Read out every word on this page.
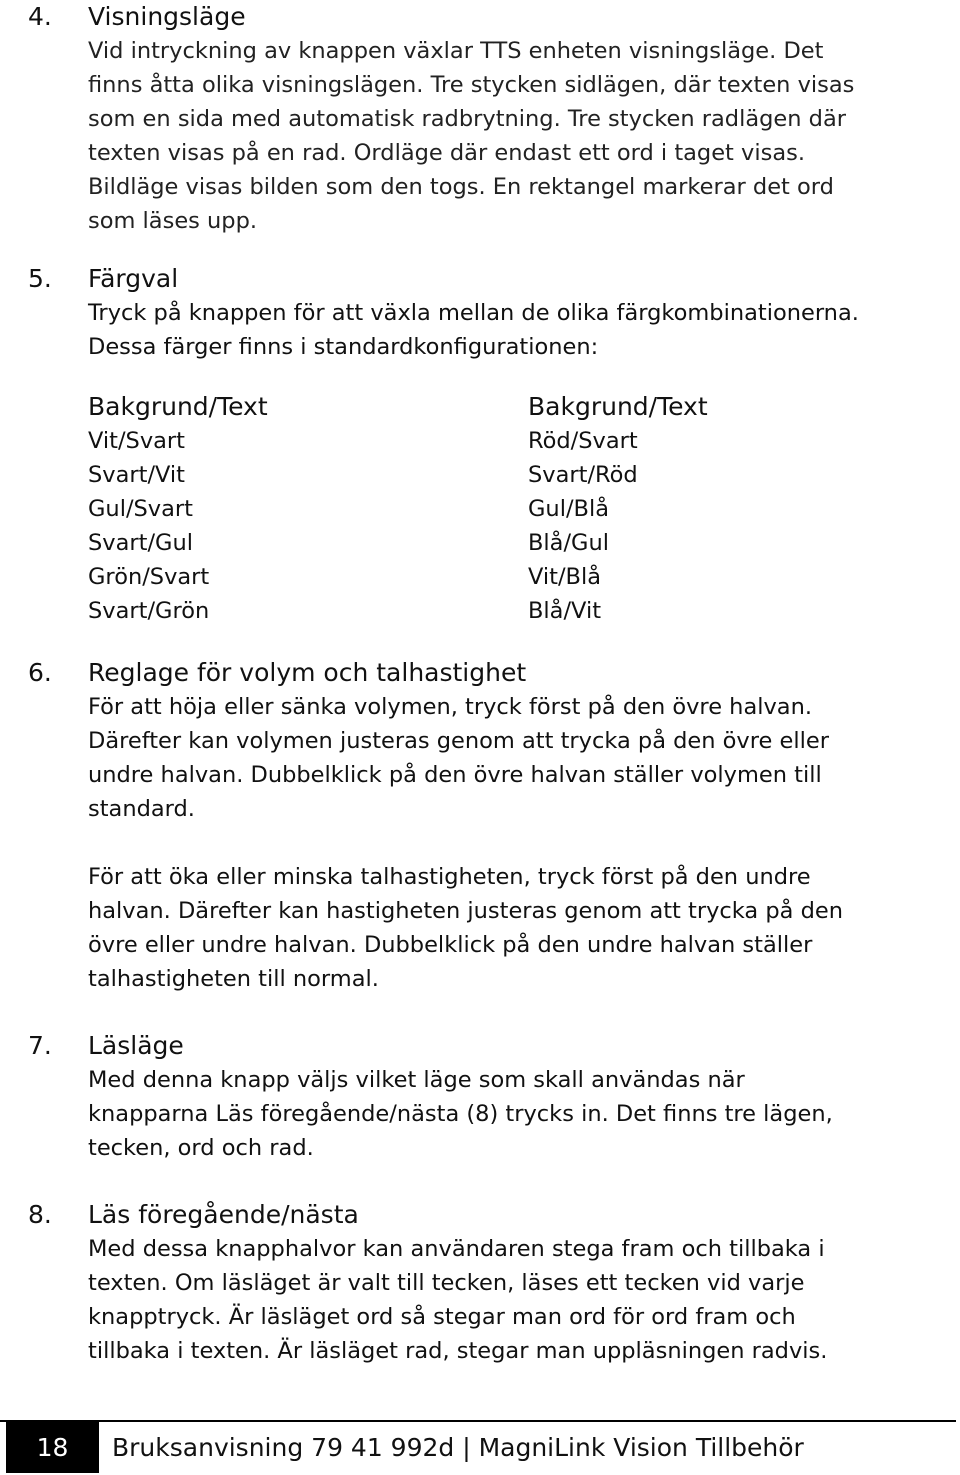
4. Visningsläge

Vid intryckning av knappen växlar TTS enheten visningsläge. Det

finns åtta olika visningslägen. Tre stycken sidlägen, där texten visas

som en sida med automatisk radbrytning. Tre stycken radlägen där

texten visas på en rad. Ordläge där endast ett ord i taget visas.

Bildläge visas bilden som den togs. En rektangel markerar det ord

som läses upp.

5. Färgval

Tryck på knappen för att växla mellan de olika färgkombinationerna.

Dessa färger finns i standardkonfigurationen:

Bakgrund/Text

Vit/Svart

Svart/Vit

Gul/Svart

Svart/Gul

Grön/Svart

Svart/Grön

Bakgrund/Text

Röd/Svart

Svart/Röd

Gul/Blå

Blå/Gul

Vit/Blå

Blå/Vit

6. Reglage för volym och talhastighet

För att höja eller sänka volymen, tryck först på den övre halvan.

Därefter kan volymen justeras genom att trycka på den övre eller

undre halvan. Dubbelklick på den övre halvan ställer volymen till

standard.

För att öka eller minska talhastigheten, tryck först på den undre

halvan. Därefter kan hastigheten justeras genom att trycka på den

övre eller undre halvan. Dubbelklick på den undre halvan ställer

talhastigheten till normal.

7. Läsläge

Med denna knapp väljs vilket läge som skall användas när

knapparna Läs föregående/nästa (8) trycks in. Det finns tre lägen,

tecken, ord och rad.

8. Läs föregående/nästa

Med dessa knapphalvor kan användaren stega fram och tillbaka i

texten. Om läsläget är valt till tecken, läses ett tecken vid varje

knapptryck. Är läsläget ord så stegar man ord för ord fram och

tillbaka i texten. Är läsläget rad, stegar man uppläsningen radvis.

18	Bruksanvisning 79 41 992d | MagniLink Vision Tillbehör
